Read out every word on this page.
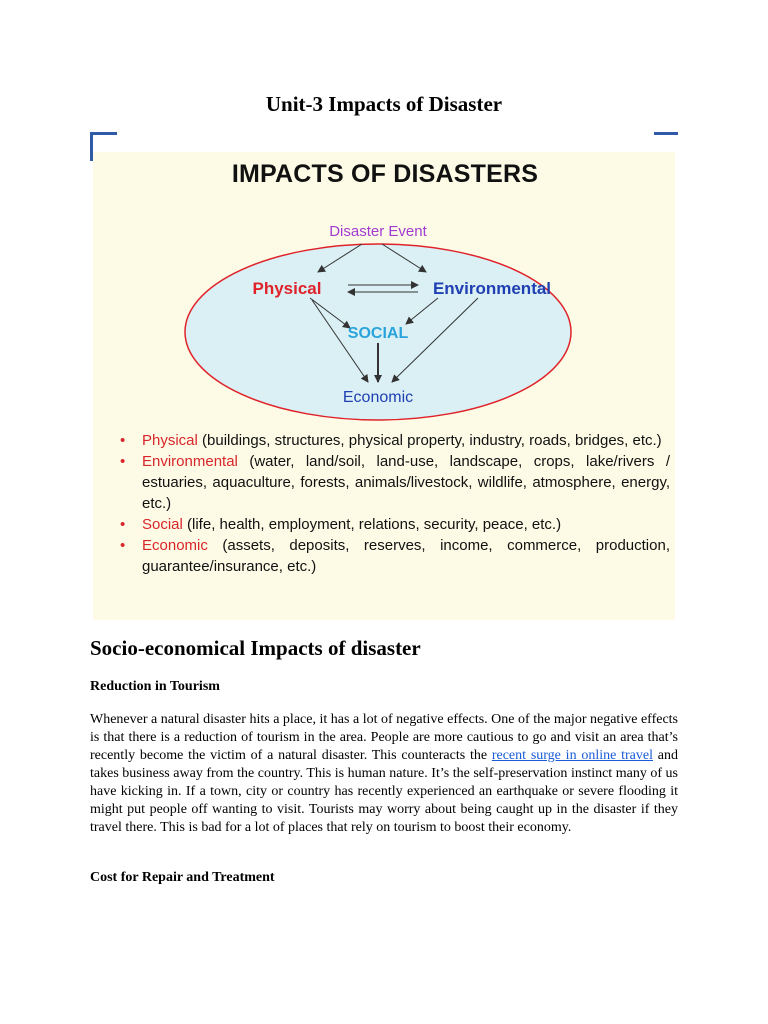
Unit-3 Impacts of Disaster
IMPACTS OF DISASTERS
Disaster Event
Physical	Environmental
SOCIAL
Economic

• Physical (buildings, structures, physical property, industry, roads, bridges, etc.)

• Environmental (water, land/soil, land-use, landscape, crops, lake/rivers / estuaries, aquaculture, forests, animals/livestock, wildlife, atmosphere, energy, etc.)

• Social (life, health, employment, relations, security, peace, etc.)

• Economic (assets, deposits, reserves, income, commerce, production, guarantee/insurance, etc.)

Socio-economical Impacts of disaster
Reduction in Tourism
Whenever a natural disaster hits a place, it has a lot of negative effects. One of the major negative effects is that there is a reduction of tourism in the area. People are more cautious to go and visit an area that’s recently become the victim of a natural disaster. This counteracts the recent surge in online travel and takes business away from the country. This is human nature. It’s the self-preservation instinct many of us have kicking in. If a town, city or country has recently experienced an earthquake or severe flooding it might put people off wanting to visit. Tourists may worry about being caught up in the disaster if they travel there. This is bad for a lot of places that rely on tourism to boost their economy.
Cost for Repair and Treatment
